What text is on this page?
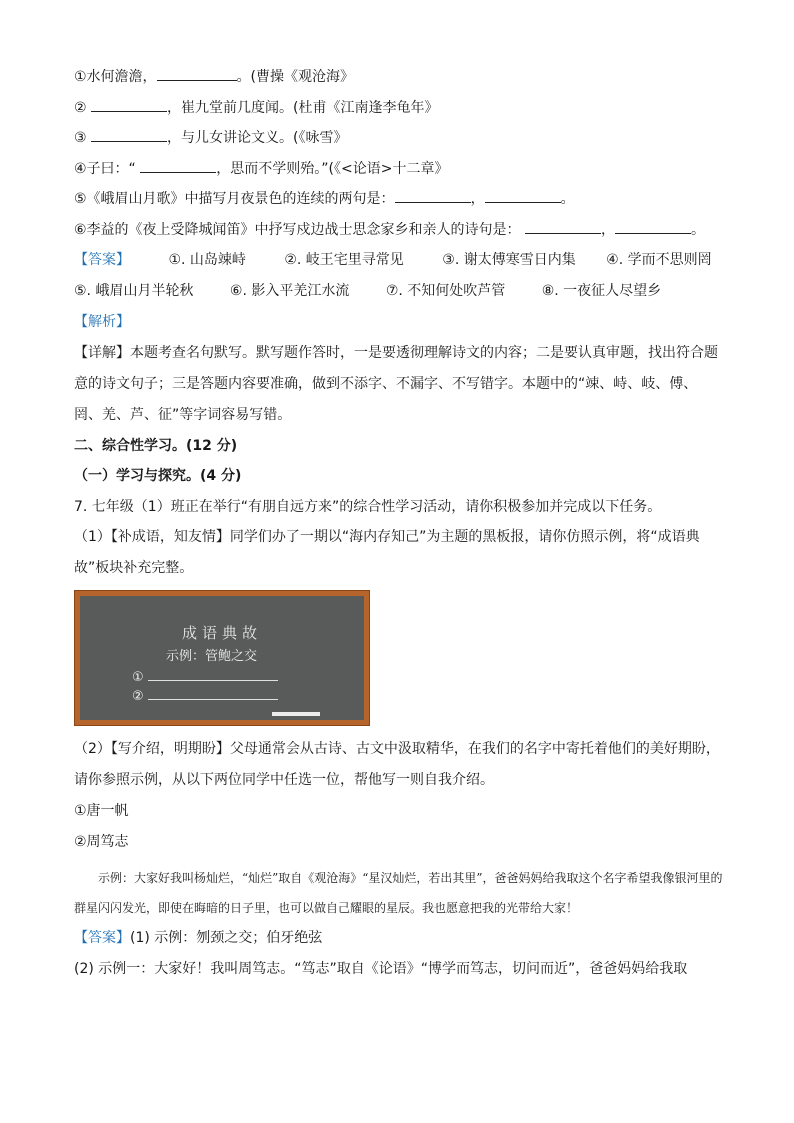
①水何澹澹，	。(曹操《观沧海》
②	，崔九堂前几度闻。(杜甫《江南逢李龟年》
③	，与儿女讲论文义。(《咏雪》
④子曰：“	，思而不学则殆。”(《<论语>十二章》
⑤《峨眉山月歌》中描写月夜景色的连续的两句是：	，	。
⑥李益的《夜上受降城闻笛》中抒写戍边战士思念家乡和亲人的诗句是：	，	。
【答案】	①. 山岛竦峙	②. 岐王宅里寻常见	③. 谢太傅寒雪日内集 ④. 学而不思则罔
⑤. 峨眉山月半轮秋	⑥. 影入平羌江水流	⑦. 不知何处吹芦管	⑧. 一夜征人尽望乡
【解析】
【详解】本题考查名句默写。默写题作答时，一是要透彻理解诗文的内容；二是要认真审题，找出符合题意的诗文句子；三是答题内容要准确，做到不添字、不漏字、不写错字。本题中的“竦、峙、岐、傅、罔、羌、芦、征”等字词容易写错。
二、综合性学习。(12 分)
（一）学习与探究。(4 分)
7. 七年级（1）班正在举行“有朋自远方来”的综合性学习活动，请你积极参加并完成以下任务。
（1）【补成语，知友情】同学们办了一期以“海内存知己”为主题的黑板报，请你仿照示例，将“成语典故”板块补充完整。
成语典故
示例：管鲍之交
①
②
（2）【写介绍，明期盼】父母通常会从古诗、古文中汲取精华，在我们的名字中寄托着他们的美好期盼，请你参照示例，从以下两位同学中任选一位，帮他写一则自我介绍。
①唐一帆
②周笃志
示例：大家好我叫杨灿烂，“灿烂”取自《观沧海》“星汉灿烂，若出其里”，爸爸妈妈给我取这个名字希望我像银河里的群星闪闪发光，即使在晦暗的日子里，也可以做自己耀眼的星辰。我也愿意把我的光带给大家！
【答案】(1) 示例：刎颈之交；伯牙绝弦
(2) 示例一：大家好！我叫周笃志。“笃志”取自《论语》“博学而笃志，切问而近”，爸爸妈妈给我取
